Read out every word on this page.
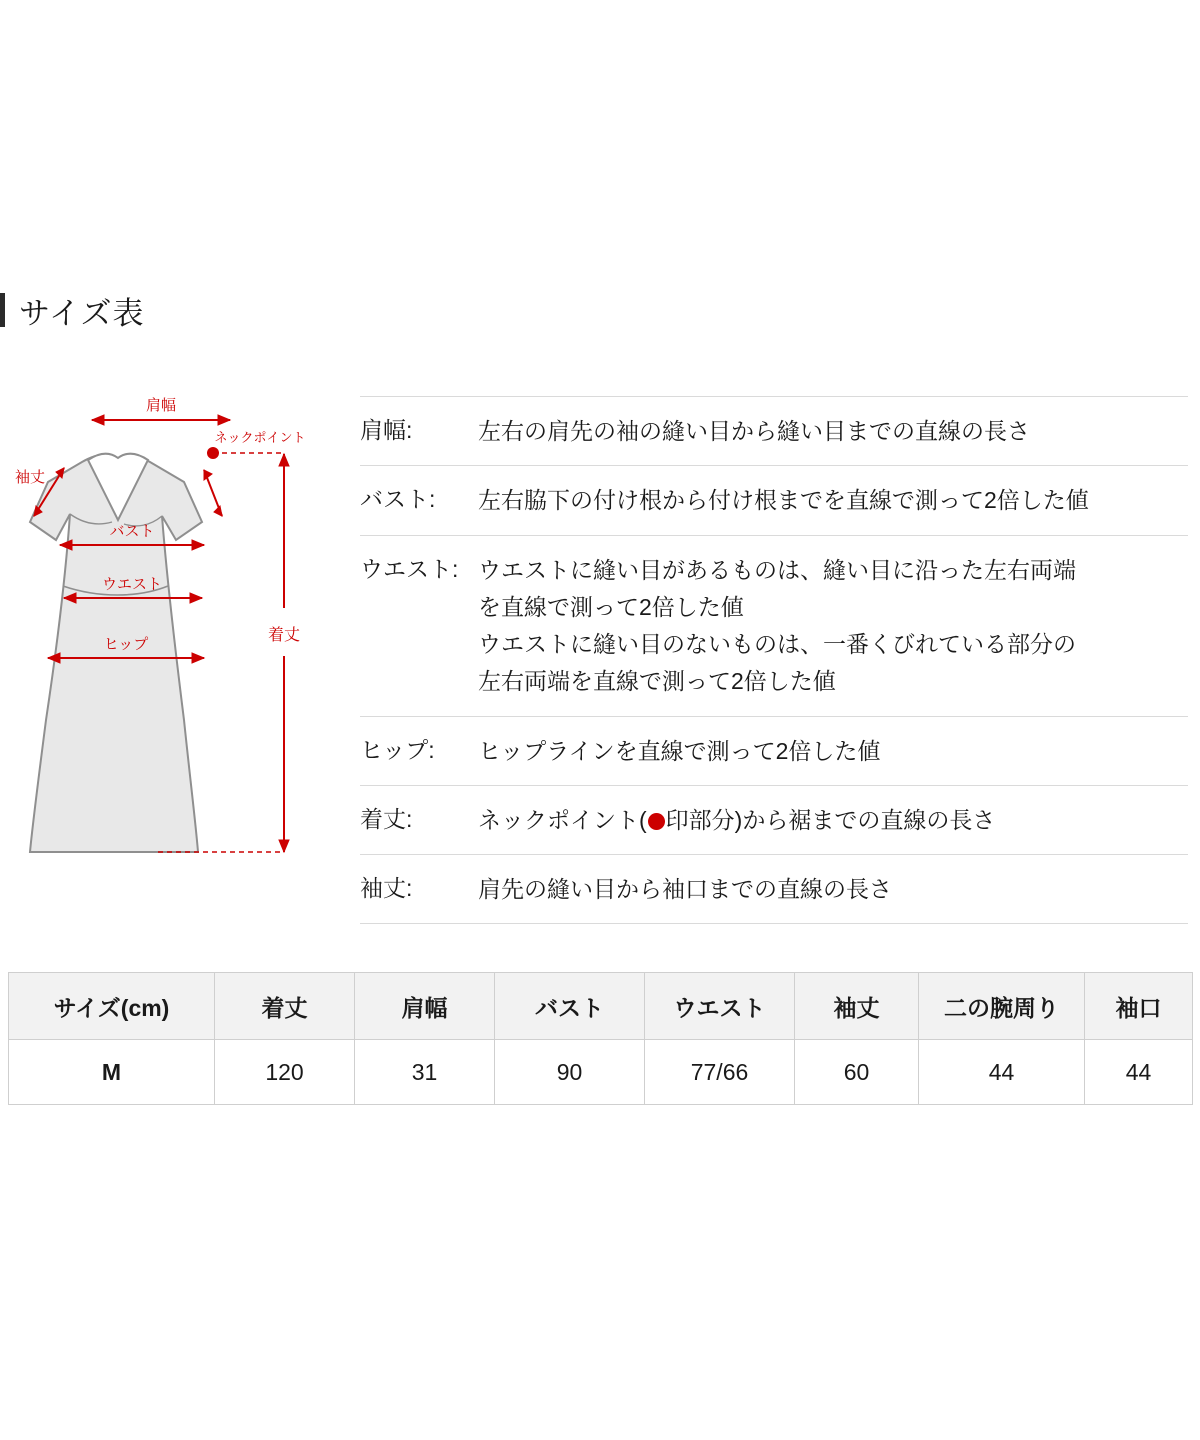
サイズ表
肩幅
ネックポイント
袖丈
バスト
ウエスト
ヒップ
着丈
肩幅:	左右の肩先の袖の縫い目から縫い目までの直線の長さ
バスト:	左右脇下の付け根から付け根までを直線で測って2倍した値
ウエスト: ウエストに縫い目があるものは、縫い目に沿った左右両端
を直線で測って2倍した値
ウエストに縫い目のないものは、一番くびれている部分の
左右両端を直線で測って2倍した値
ヒップ:	ヒップラインを直線で測って2倍した値
着丈:	ネックポイント( 印部分)から裾までの直線の長さ
袖丈:	肩先の縫い目から袖口までの直線の長さ
サイズ(cm)	着丈	肩幅	バスト	ウエスト	袖丈	二の腕周り	袖口
M	120	31	90	77/66	60	44	44
